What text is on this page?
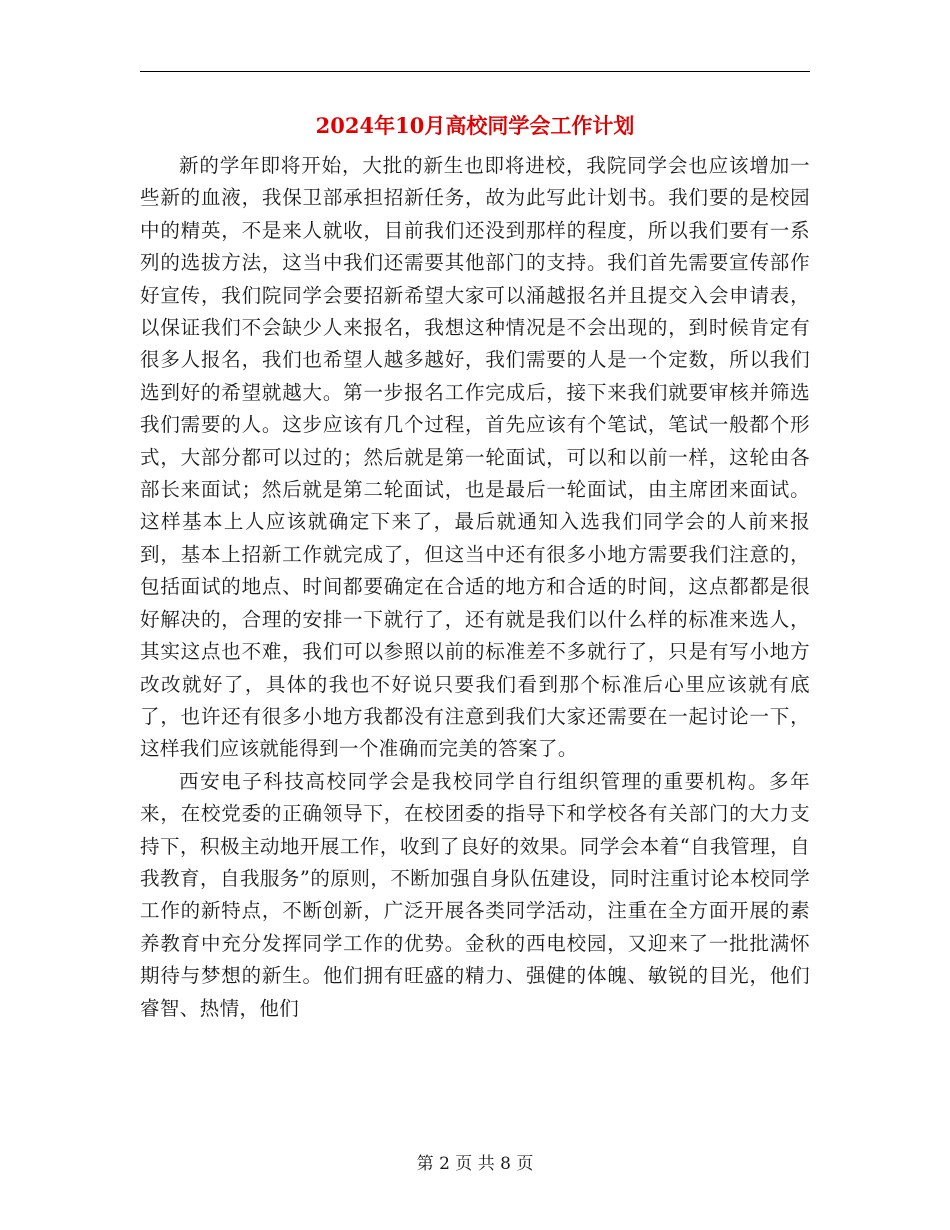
2024年10月高校同学会工作计划

新的学年即将开始，大批的新生也即将进校，我院同学会也应该增加一些新的血液，我保卫部承担招新任务，故为此写此计划书。我们要的是校园中的精英，不是来人就收，目前我们还没到那样的程度，所以我们要有一系列的选拔方法，这当中我们还需要其他部门的支持。我们首先需要宣传部作好宣传，我们院同学会要招新希望大家可以涌越报名并且提交入会申请表，以保证我们不会缺少人来报名，我想这种情况是不会出现的，到时候肯定有很多人报名，我们也希望人越多越好，我们需要的人是一个定数，所以我们选到好的希望就越大。第一步报名工作完成后，接下来我们就要审核并筛选我们需要的人。这步应该有几个过程，首先应该有个笔试，笔试一般都个形式，大部分都可以过的；然后就是第一轮面试，可以和以前一样，这轮由各部长来面试；然后就是第二轮面试，也是最后一轮面试，由主席团来面试。这样基本上人应该就确定下来了，最后就通知入选我们同学会的人前来报到，基本上招新工作就完成了，但这当中还有很多小地方需要我们注意的，包括面试的地点、时间都要确定在合适的地方和合适的时间，这点都都是很好解决的，合理的安排一下就行了，还有就是我们以什么样的标准来选人，其实这点也不难，我们可以参照以前的标准差不多就行了，只是有写小地方改改就好了，具体的我也不好说只要我们看到那个标准后心里应该就有底了，也许还有很多小地方我都没有注意到我们大家还需要在一起讨论一下，这样我们应该就能得到一个准确而完美的答案了。

西安电子科技高校同学会是我校同学自行组织管理的重要机构。多年来，在校党委的正确领导下，在校团委的指导下和学校各有关部门的大力支持下，积极主动地开展工作，收到了良好的效果。同学会本着“自我管理，自我教育，自我服务”的原则，不断加强自身队伍建设，同时注重讨论本校同学工作的新特点，不断创新，广泛开展各类同学活动，注重在全方面开展的素养教育中充分发挥同学工作的优势。金秋的西电校园，又迎来了一批批满怀期待与梦想的新生。他们拥有旺盛的精力、强健的体魄、敏锐的目光，他们睿智、热情，他们

第 2 页 共 8 页
